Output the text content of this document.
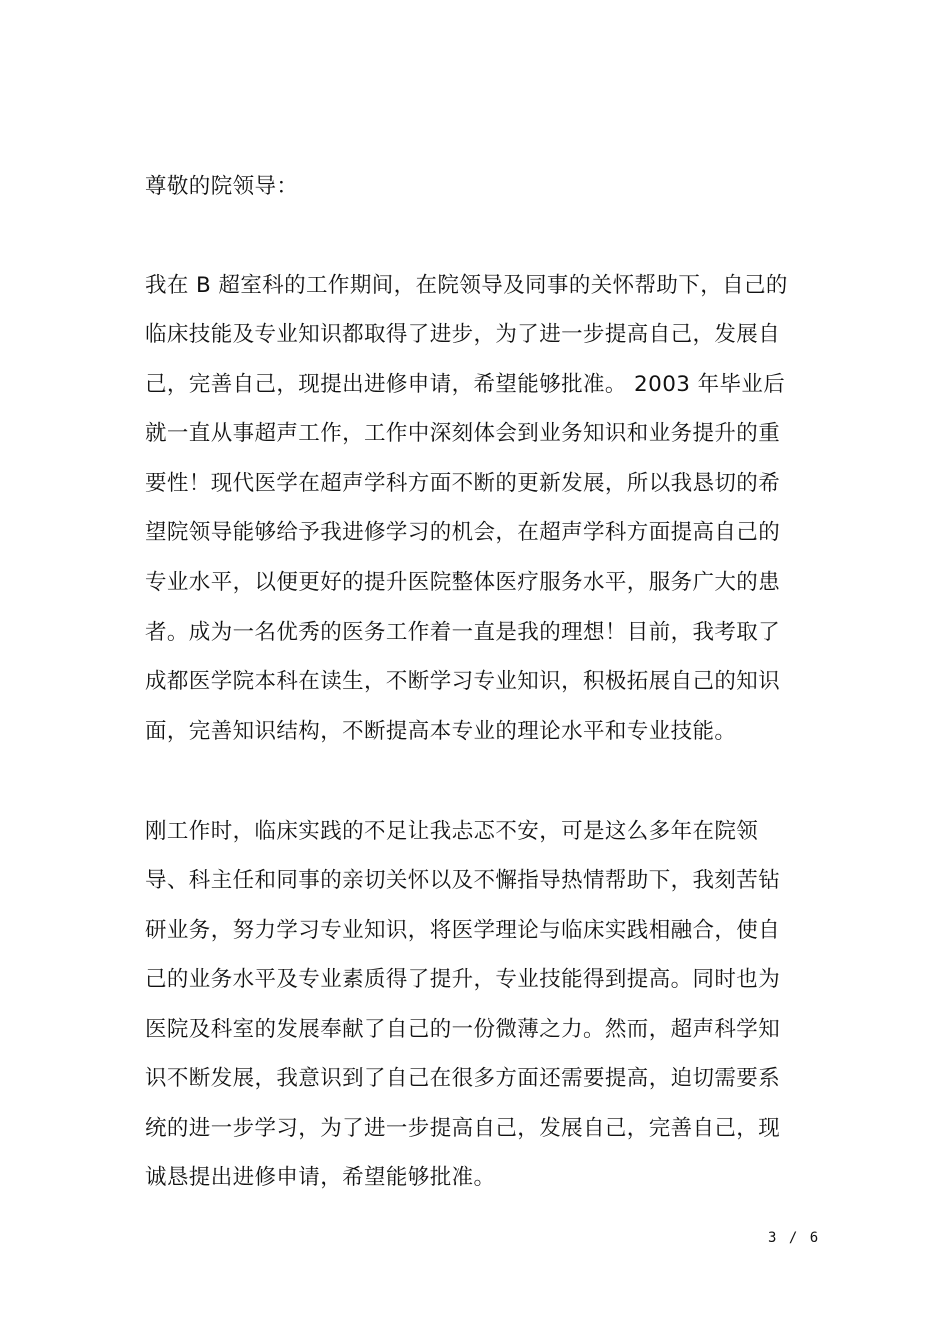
尊敬的院领导：
我在 B 超室科的工作期间，在院领导及同事的关怀帮助下，自己的
临床技能及专业知识都取得了进步，为了进一步提高自己，发展自
己，完善自己，现提出进修申请，希望能够批准。 2003 年毕业后
就一直从事超声工作，工作中深刻体会到业务知识和业务提升的重
要性！现代医学在超声学科方面不断的更新发展，所以我恳切的希
望院领导能够给予我进修学习的机会，在超声学科方面提高自己的
专业水平，以便更好的提升医院整体医疗服务水平，服务广大的患
者。成为一名优秀的医务工作着一直是我的理想！目前，我考取了
成都医学院本科在读生，不断学习专业知识，积极拓展自己的知识
面，完善知识结构，不断提高本专业的理论水平和专业技能。
刚工作时，临床实践的不足让我忐忑不安，可是这么多年在院领
导、科主任和同事的亲切关怀以及不懈指导热情帮助下，我刻苦钻
研业务，努力学习专业知识，将医学理论与临床实践相融合，使自
己的业务水平及专业素质得了提升，专业技能得到提高。同时也为
医院及科室的发展奉献了自己的一份微薄之力。然而，超声科学知
识不断发展，我意识到了自己在很多方面还需要提高，迫切需要系
统的进一步学习，为了进一步提高自己，发展自己，完善自己，现
诚恳提出进修申请，希望能够批准。
3 / 6
